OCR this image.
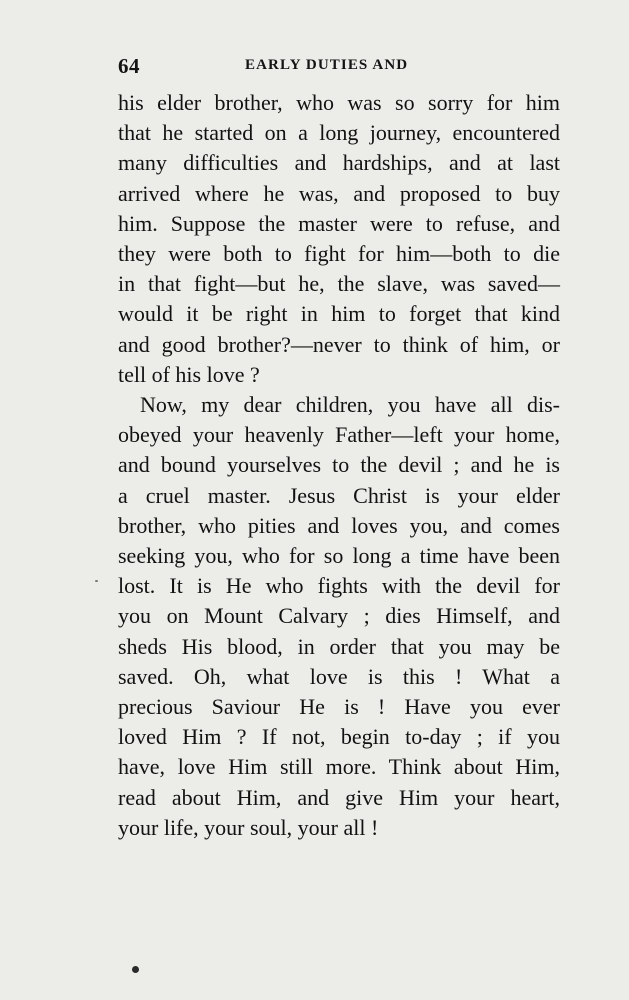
64	EARLY DUTIES AND

his elder brother, who was so sorry for him
that he started on a long journey, encountered
many difficulties and hardships, and at last
arrived where he was, and proposed to buy
him. Suppose the master were to refuse, and
they were both to fight for him—both to die
in that fight—but he, the slave, was saved—
would it be right in him to forget that kind
and good brother?—never to think of him, or
tell of his love ?

Now, my dear children, you have all dis-
obeyed your heavenly Father—left your home,
and bound yourselves to the devil ; and he is
a cruel master. Jesus Christ is your elder
brother, who pities and loves you, and comes
seeking you, who for so long a time have been
lost. It is He who fights with the devil for
you on Mount Calvary ; dies Himself, and
sheds His blood, in order that you may be
saved. Oh, what love is this ! What a
precious Saviour He is ! Have you ever
loved Him ? If not, begin to-day ; if you
have, love Him still more. Think about Him,
read about Him, and give Him your heart,
your life, your soul, your all !
